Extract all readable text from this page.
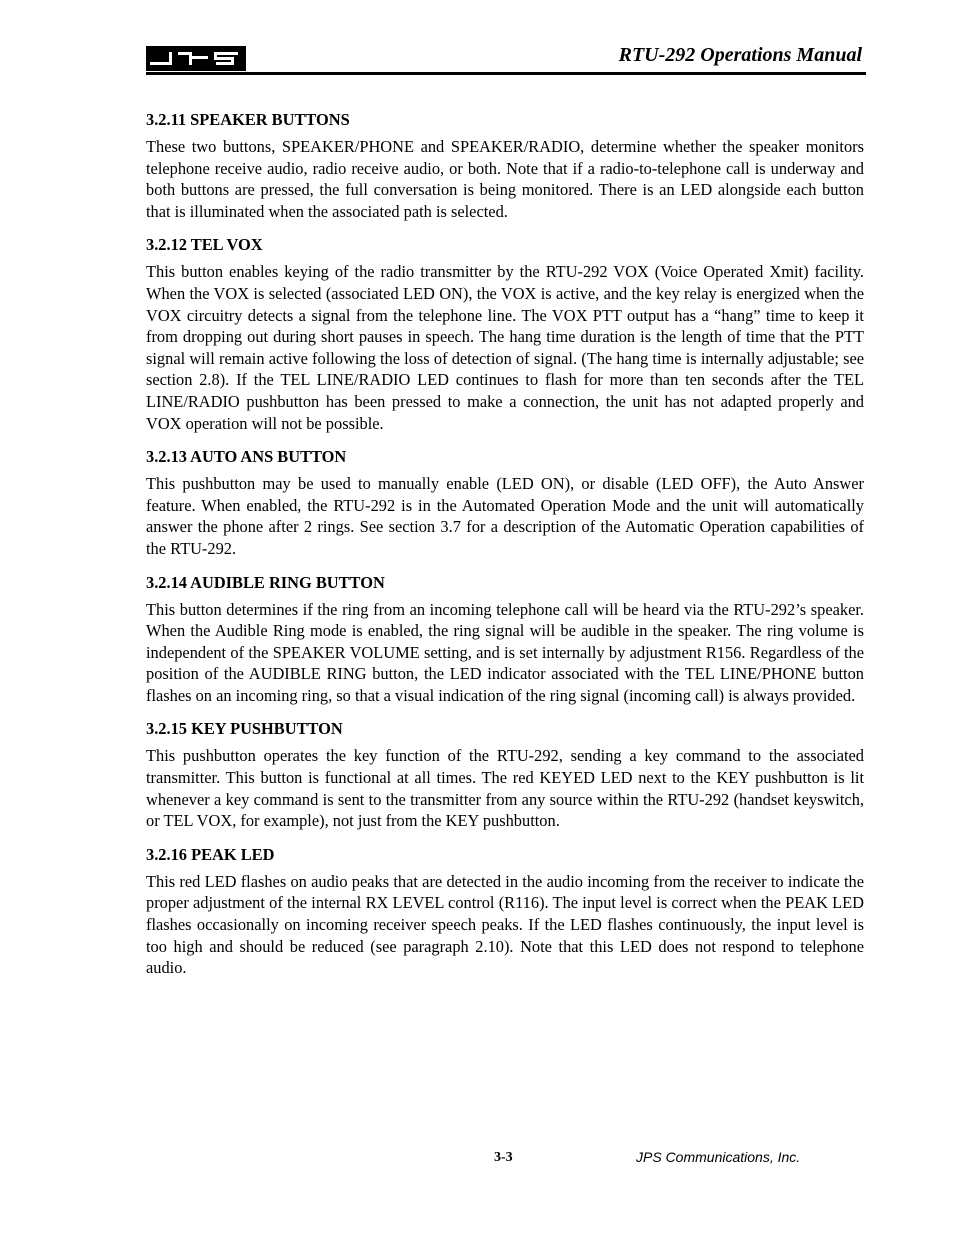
RTU-292 Operations Manual
3.2.11 SPEAKER BUTTONS

These two buttons, SPEAKER/PHONE and SPEAKER/RADIO, determine whether the speaker monitors telephone receive audio, radio receive audio, or both. Note that if a radio-to-telephone call is underway and both buttons are pressed, the full conversation is being monitored. There is an LED alongside each button that is illuminated when the associated path is selected.

3.2.12 TEL VOX

This button enables keying of the radio transmitter by the RTU-292 VOX (Voice Operated Xmit) facility. When the VOX is selected (associated LED ON), the VOX is active, and the key relay is energized when the VOX circuitry detects a signal from the telephone line. The VOX PTT output has a “hang” time to keep it from dropping out during short pauses in speech. The hang time duration is the length of time that the PTT signal will remain active following the loss of detection of signal. (The hang time is internally adjustable; see section 2.8). If the TEL LINE/RADIO LED continues to flash for more than ten seconds after the TEL LINE/RADIO pushbutton has been pressed to make a connection, the unit has not adapted properly and VOX operation will not be possible.

3.2.13 AUTO ANS BUTTON

This pushbutton may be used to manually enable (LED ON), or disable (LED OFF), the Auto Answer feature. When enabled, the RTU-292 is in the Automated Operation Mode and the unit will automatically answer the phone after 2 rings. See section 3.7 for a description of the Automatic Operation capabilities of the RTU-292.

3.2.14 AUDIBLE RING BUTTON

This button determines if the ring from an incoming telephone call will be heard via the RTU-292’s speaker. When the Audible Ring mode is enabled, the ring signal will be audible in the speaker. The ring volume is independent of the SPEAKER VOLUME setting, and is set internally by adjustment R156. Regardless of the position of the AUDIBLE RING button, the LED indicator associated with the TEL LINE/PHONE button flashes on an incoming ring, so that a visual indication of the ring signal (incoming call) is always provided.

3.2.15 KEY PUSHBUTTON

This pushbutton operates the key function of the RTU-292, sending a key command to the associated transmitter. This button is functional at all times. The red KEYED LED next to the KEY pushbutton is lit whenever a key command is sent to the transmitter from any source within the RTU-292 (handset keyswitch, or TEL VOX, for example), not just from the KEY pushbutton.

3.2.16 PEAK LED

This red LED flashes on audio peaks that are detected in the audio incoming from the receiver to indicate the proper adjustment of the internal RX LEVEL control (R116). The input level is correct when the PEAK LED flashes occasionally on incoming receiver speech peaks. If the LED flashes continuously, the input level is too high and should be reduced (see paragraph 2.10). Note that this LED does not respond to telephone audio.

3-3	JPS Communications, Inc.
